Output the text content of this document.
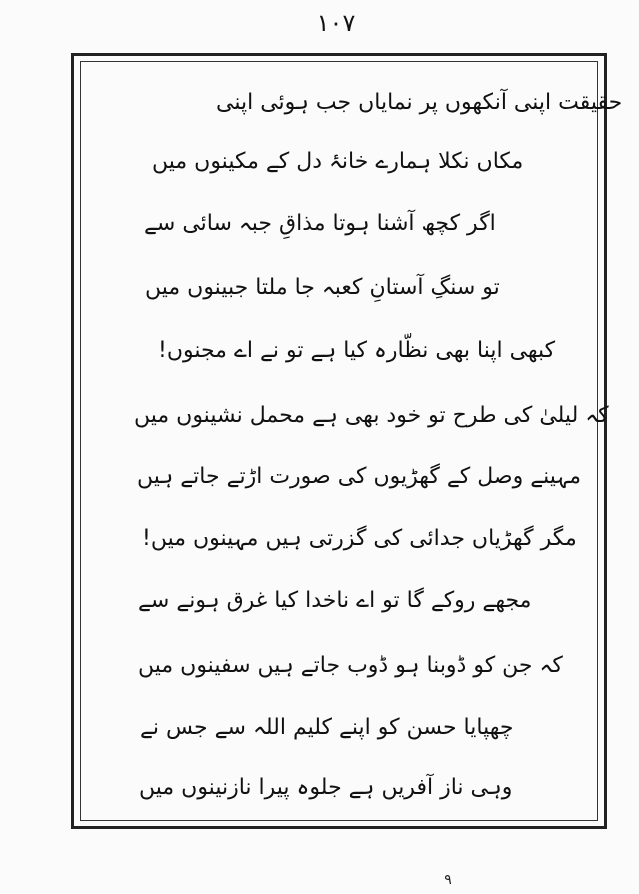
۱۰۷
حقیقت اپنی آنکھوں پر نمایاں جب ہوئی اپنی
مکاں نکلا ہمارے خانۂ دل کے مکینوں میں
اگر کچھ آشنا ہوتا مذاقِ جبہ سائی سے
تو سنگِ آستانِ کعبہ جا ملتا جبینوں میں
کبھی اپنا بھی نظّارہ کیا ہے تو نے اے مجنوں!
کہ لیلیٰ کی طرح تو خود بھی ہے محمل نشینوں میں
مہینے وصل کے گھڑیوں کی صورت اڑتے جاتے ہیں
مگر گھڑیاں جدائی کی گزرتی ہیں مہینوں میں!
مجھے روکے گا تو اے ناخدا کیا غرق ہونے سے
کہ جن کو ڈوبنا ہو ڈوب جاتے ہیں سفینوں میں
چھپایا حسن کو اپنے کلیم اللہ سے جس نے
وہی ناز آفریں ہے جلوہ پیرا نازنینوں میں
۹
